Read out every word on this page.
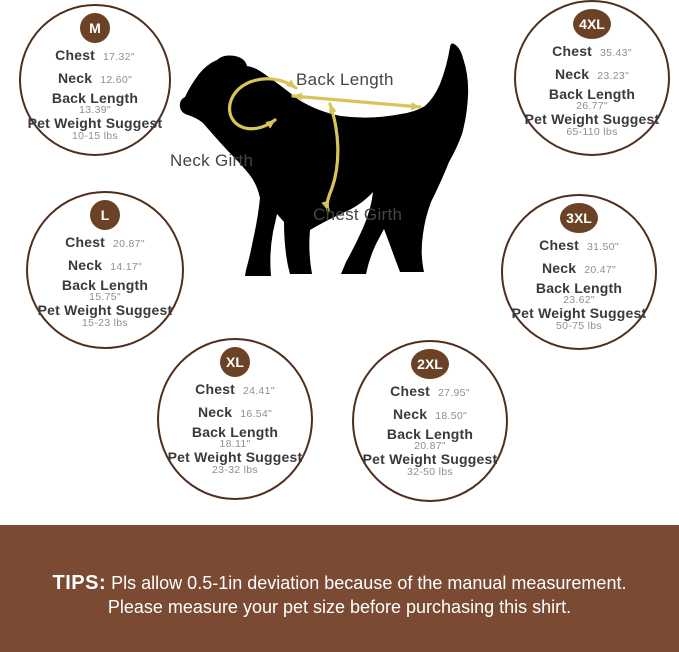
Back Length
Neck Girth
Chest Girth
M
Chest 17.32"
Neck 12.60"
Back Length
13.39"
Pet Weight Suggest
10-15 lbs
4XL
Chest 35.43"
Neck 23.23"
Back Length
26.77"
Pet Weight Suggest
65-110 lbs
L
Chest 20.87"
Neck 14.17"
Back Length
15.75"
Pet Weight Suggest
15-23 lbs
3XL
Chest 31.50"
Neck 20.47"
Back Length
23.62"
Pet Weight Suggest
50-75 lbs
XL
Chest 24.41"
Neck 16.54"
Back Length
18.11"
Pet Weight Suggest
23-32 lbs
2XL
Chest 27.95"
Neck 18.50"
Back Length
20.87"
Pet Weight Suggest
32-50 lbs
TIPS: Pls allow 0.5-1in deviation because of the manual measurement.
Please measure your pet size before purchasing this shirt.
